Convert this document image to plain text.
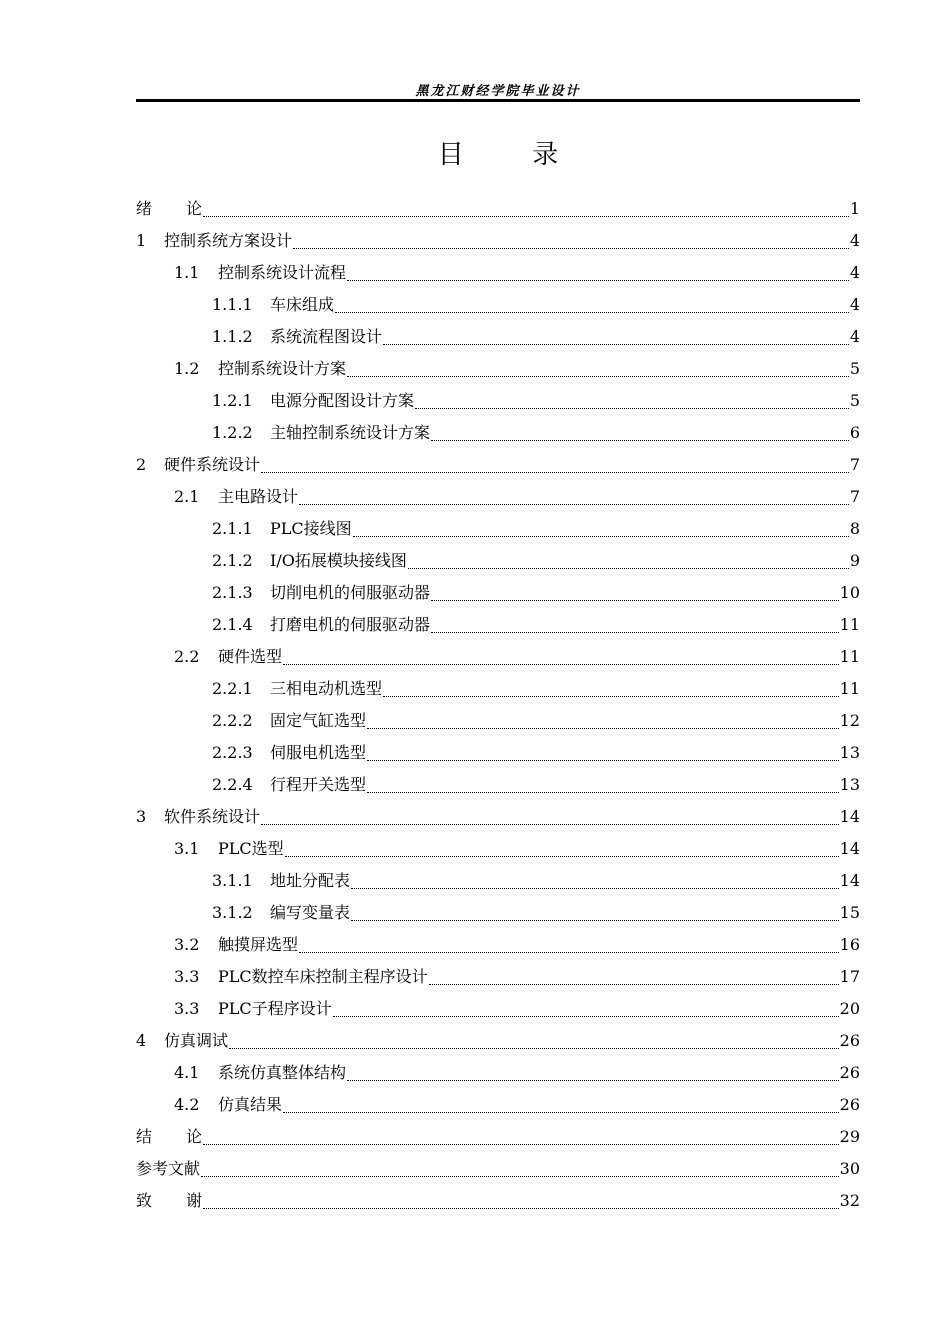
黑龙江财经学院毕业设计
目	录
绪论	1
1	控制系统方案设计	4
1.1	控制系统设计流程	4
1.1.1	车床组成	4
1.1.2	系统流程图设计	4
1.2	控制系统设计方案	5
1.2.1	电源分配图设计方案	5
1.2.2	主轴控制系统设计方案	6
2	硬件系统设计	7
2.1	主电路设计	7
2.1.1	PLC接线图	8
2.1.2	I/O拓展模块接线图	9
2.1.3	切削电机的伺服驱动器	10
2.1.4	打磨电机的伺服驱动器	11
2.2	硬件选型	11
2.2.1	三相电动机选型	11
2.2.2	固定气缸选型	12
2.2.3	伺服电机选型	13
2.2.4	行程开关选型	13
3	软件系统设计	14
3.1	PLC选型	14
3.1.1	地址分配表	14
3.1.2	编写变量表	15
3.2	触摸屏选型	16
3.3	PLC数控车床控制主程序设计	17
3.3	PLC子程序设计	20
4	仿真调试	26
4.1	系统仿真整体结构	26
4.2	仿真结果	26
结论	29
参考文献	30
致谢	32
